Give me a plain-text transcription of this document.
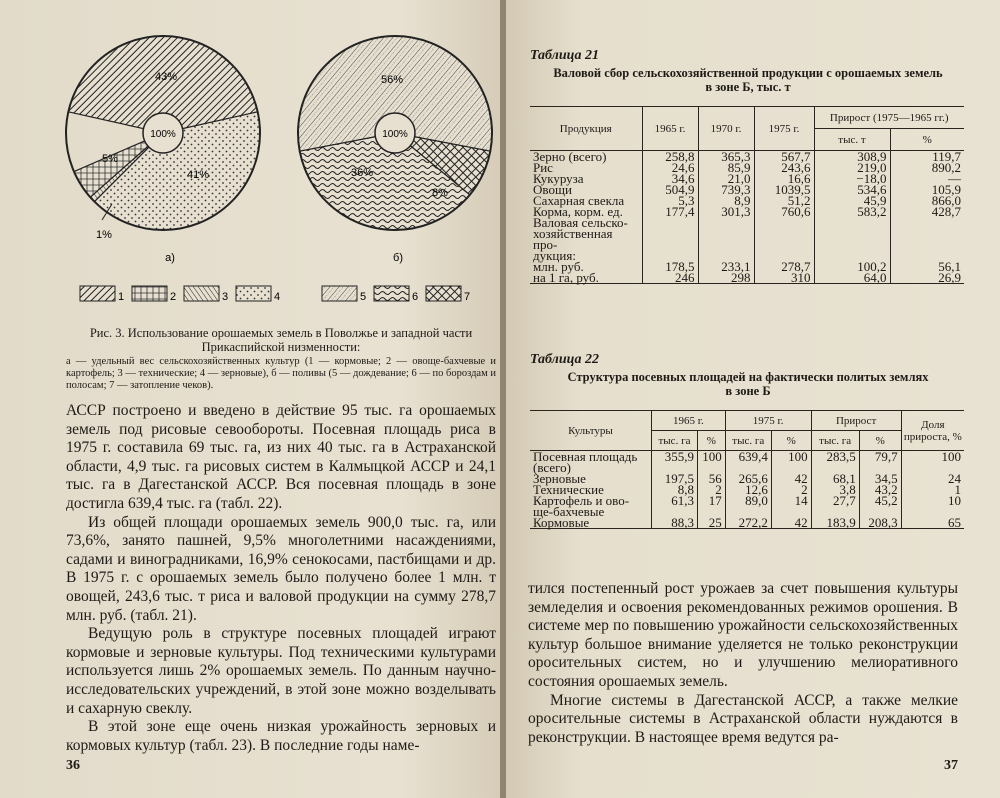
100%
43%
5%
41%
1%
а)
100%
56%
36%
8%
б)
1	2	3	4	5	6	7
Рис. 3. Использование орошаемых земель в Поволжье и западной части Прикаспийской низменности:
а — удельный вес сельскохозяйственных культур (1 — кормовые; 2 — овоще-бахчевые и картофель; 3 — технические; 4 — зерновые), б — поливы (5 — дождевание; 6 — по бороздам и полосам; 7 — затопление чеков).

АССР построено и введено в действие 95 тыс. га орошаемых земель под рисовые севообороты. Посевная площадь риса в 1975 г. составила 69 тыс. га, из них 40 тыс. га в Астраханской области, 4,9 тыс. га рисовых систем в Калмыцкой АССР и 24,1 тыс. га в Дагестанской АССР. Вся посевная площадь в зоне достигла 639,4 тыс. га (табл. 22).

Из общей площади орошаемых земель 900,0 тыс. га, или 73,6%, занято пашней, 9,5% многолетними насаждениями, садами и виноградниками, 16,9% сенокосами, пастбищами и др. В 1975 г. с орошаемых земель было получено более 1 млн. т овощей, 243,6 тыс. т риса и валовой продукции на сумму 278,7 млн. руб. (табл. 21).

Ведущую роль в структуре посевных площадей играют кормовые и зерновые культуры. Под техническими культурами используется лишь 2% орошаемых земель. По данным научно-исследовательских учреждений, в этой зоне можно возделывать и сахарную свеклу.

В этой зоне еще очень низкая урожайность зерновых и кормовых культур (табл. 23). В последние годы наме-

36
Таблица 21
Валовой сбор сельскохозяйственной продукции с орошаемых земель
в зоне Б, тыс. т
Продукция	1965 г.	1970 г.	1975 г.	Прирост (1975—1965 гг.)	
				тыс. т	%
Зерно (всего)	258,8	365,3	567,7	308,9	119,7
Рис	24,6	85,9	243,6	219,0	890,2
Кукуруза	34,6	21,0	16,6	−18,0	—
Овощи	504,9	739,3	1039,5	534,6	105,9
Сахарная свекла	5,3	8,9	51,2	45,9	866,0
Корма, корм. ед.	177,4	301,3	760,6	583,2	428,7
Валовая сельско-					
хозяйственная про-					
дукция:					
млн. руб.	178,5	233,1	278,7	100,2	56,1
на 1 га, руб.	246	298	310	64,0	26,9
Таблица 22
Структура посевных площадей на фактически политых землях
в зоне Б
Культуры	1965 г.		1975 г.		Прирост		Доля прироста, %
	тыс. га	%	тыс. га	%	тыс. га	%	
Посевная площадь	355,9	100	639,4	100	283,5	79,7	100
(всего)							
Зерновые	197,5	56	265,6	42	68,1	34,5	24
Технические	8,8	2	12,6	2	3,8	43,2	1
Картофель и ово-	61,3	17	89,0	14	27,7	45,2	10
ще-бахчевые							
Кормовые	88,3	25	272,2	42	183,9	208,3	65

тился постепенный рост урожаев за счет повышения культуры земледелия и освоения рекомендованных режимов орошения. В системе мер по повышению урожайности сельскохозяйственных культур большое внимание уделяется не только реконструкции оросительных систем, но и улучшению мелиоративного состояния орошаемых земель.

Многие системы в Дагестанской АССР, а также мелкие оросительные системы в Астраханской области нуждаются в реконструкции. В настоящее время ведутся ра-

37
